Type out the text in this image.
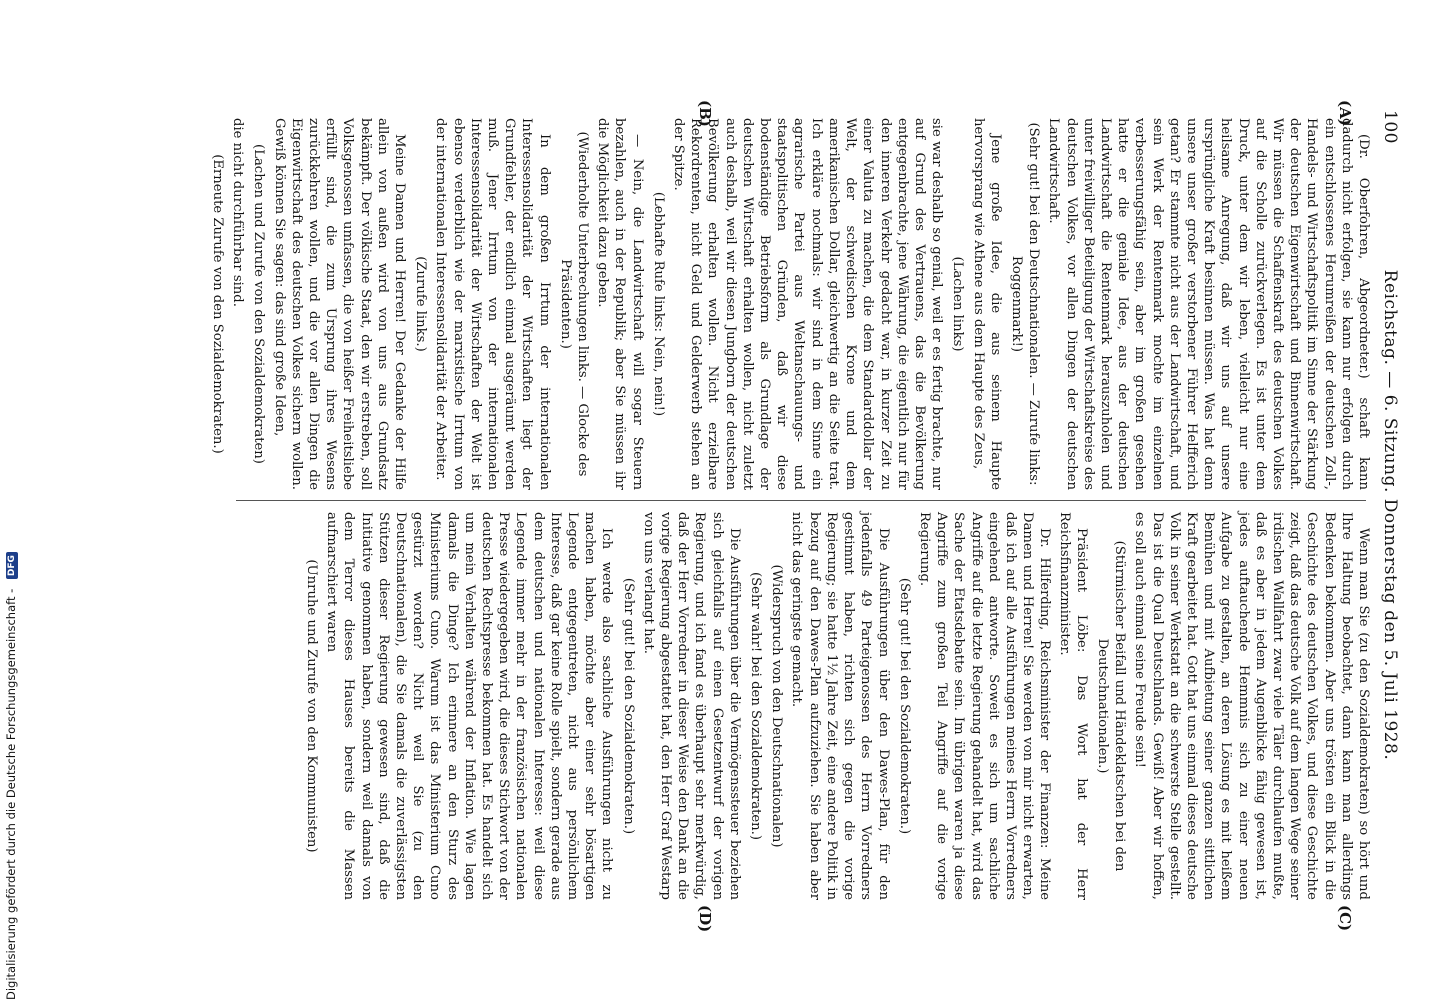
100
Reichstag. — 6. Sitzung. Donnerstag den 5. Juli 1928.
(A)
(B)
(C)
(D)

(Dr. Oberfohren, Abgeordneter.) schaft kann dadurch nicht erfolgen, sie kann nur erfolgen durch ein entschlossenes Herumreißen der deutschen Zoll-, Handels- und Wirtschaftspolitik im Sinne der Stärkung der deutschen Eigenwirtschaft und Binnenwirtschaft. Wir müssen die Schaffenskraft des deutschen Volkes auf die Scholle zurückverlegen. Es ist unter dem Druck, unter dem wir leben, vielleicht nur eine heilsame Anregung, daß wir uns auf unsere ursprüngliche Kraft besinnen müssen. Was hat denn unsere unser großer verstorbener Führer Helfferich getan? Er stammte nicht aus der Landwirtschaft, und sein Werk der Rentenmark mochte im einzelnen verbesserungsfähig sein, aber im großen gesehen hatte er die geniale Idee, aus der deutschen Landwirtschaft die Rentenmark herauszuholen und unter freiwilliger Beteiligung der Wirtschaftskreise des deutschen Volkes, vor allen Dingen der deutschen Landwirtschaft.

(Sehr gut! bei den Deutschnationalen. — Zurufe links: Roggenmark!)

Jene große Idee, die aus seinem Haupte hervorsprang wie Athene aus dem Haupte des Zeus,

(Lachen links)

sie war deshalb so genial, weil er es fertig brachte, nur auf Grund des Vertrauens, das die Bevölkerung entgegenbrachte, jene Währung, die eigentlich nur für den inneren Verkehr gedacht war, in kurzer Zeit zu einer Valuta zu machen, die dem Standarddollar der Welt, der schwedischen Krone und dem amerikanischen Dollar, gleichwertig an die Seite trat. Ich erkläre nochmals: wir sind in dem Sinne ein agrarische Partei aus Weltanschauungs- und staatspolitischen Gründen, daß wir diese bodenständige Betriebsform als Grundlage der deutschen Wirtschaft erhalten wollen, nicht zuletzt auch deshalb, weil wir diesen Jungborn der deutschen Bevölkerung erhalten wollen. Nicht erzielbare Rekordrenten, nicht Geld und Gelderwerb stehen an der Spitze.

(Lebhafte Rufe links: Nein, nein!)

— Nein, die Landwirtschaft will sogar Steuern bezahlen, auch in der Republik; aber Sie müssen ihr die Möglichkeit dazu geben.

(Wiederholte Unterbrechungen links. — Glocke des Präsidenten.)

In dem großen Irrtum der internationalen Interessensolidarität der Wirtschaften liegt der Grundfehler, der endlich einmal ausgeräumt werden muß. Jener Irrtum von der internationalen Interessensolidarität der Wirtschaften der Welt ist ebenso verderblich wie der marxistische Irrtum von der internationalen Interessensolidarität der Arbeiter.

(Zurufe links.)

Meine Damen und Herren! Der Gedanke der Hilfe allein von außen wird von uns aus Grundsatz bekämpft. Der völkische Staat, den wir erstreben, soll Volksgenossen umfassen, die von heißer Freiheitsliebe erfüllt sind, die zum Ursprung ihres Wesens zurückkehren wollen, und die vor allen Dingen die Eigenwirtschaft des deutschen Volkes sichern wollen. Gewiß können Sie sagen: das sind große Ideen,

(Lachen und Zurufe von den Sozialdemokraten)

die nicht durchführbar sind.

(Erneute Zurufe von den Sozialdemokraten.)

Wenn man Sie (zu den Sozialdemokraten) so hört und Ihre Haltung beobachtet, dann kann man allerdings Bedenken bekommen. Aber uns trösten ein Blick in die Geschichte des deutschen Volkes, und diese Geschichte zeigt, daß das deutsche Volk auf dem langen Wege seiner irdischen Wallfahrt zwar viele Täler durchlaufen mußte, daß es aber in jedem Augenblicke fähig gewesen ist, jedes auftauchende Hemmnis sich zu einer neuen Aufgabe zu gestalten, an deren Lösung es mit heißem Bemühen und mit Aufbietung seiner ganzen sittlichen Kraft gearbeitet hat. Gott hat uns einmal dieses deutsche Volk in seiner Werkstatt an die schwerste Stelle gestellt. Das ist die Qual Deutschlands. Gewiß! Aber wir hoffen, es soll auch einmal seine Freude sein!

(Stürmischer Beifall und Händeklatschen bei den Deutschnationalen.)

Präsident Löbe: Das Wort hat der Herr Reichsfinanzminister.

Dr. Hilferding, Reichsminister der Finanzen: Meine Damen und Herren! Sie werden von mir nicht erwarten, daß ich auf alle Ausführungen meines Herrn Vorredners eingehend antworte. Soweit es sich um sachliche Angriffe auf die letzte Regierung gehandelt hat, wird das Sache der Etatsdebatte sein. Im übrigen waren ja diese Angriffe zum großen Teil Angriffe auf die vorige Regierung.

(Sehr gut! bei den Sozialdemokraten.)

Die Ausführungen über den Dawes-Plan, für den jedenfalls 49 Parteigenossen des Herrn Vorredners gestimmt haben, richten sich gegen die vorige Regierung; sie hatte 1½ Jahre Zeit, eine andere Politik in bezug auf den Dawes-Plan aufzuziehen. Sie haben aber nicht das geringste gemacht.

(Widerspruch von den Deutschnationalen)

(Sehr wahr! bei den Sozialdemokraten.)

Die Ausführungen über die Vermögenssteuer beziehen sich gleichfalls auf einen Gesetzentwurf der vorigen Regierung, und ich fand es überhaupt sehr merkwürdig, daß der Herr Vorredner in dieser Weise den Dank an die vorige Regierung abgestattet hat, den Herr Graf Westarp von uns verlangt hat.

(Sehr gut! bei den Sozialdemokraten.)

Ich werde also sachliche Ausführungen nicht zu machen haben, möchte aber einer sehr bösartigen Legende entgegentreten, nicht aus persönlichem Interesse, daß gar keine Rolle spielt, sondern gerade aus dem deutschen und nationalen Interesse: weil diese Legende immer mehr in der französischen nationalen Presse wiedergegeben wird, die dieses Stichwort von der deutschen Rechtspresse bekommen hat. Es handelt sich um mein Verhalten während der Inflation. Wie lagen damals die Dinge? Ich erinnere an den Sturz des Ministeriums Cuno. Warum ist das Ministerium Cuno gestürzt worden? Nicht weil Sie (zu den Deutschnationalen), die Sie damals die zuverlässigsten Stützen dieser Regierung gewesen sind, daß die Initiative genommen haben, sondern weil damals von dem Terror dieses Hauses bereits die Massen aufmarschiert waren

(Unruhe und Zurufe von den Kommunisten)

Digitalisierung gefördert durch die Deutsche Forschungsgemeinschaft - DFG
